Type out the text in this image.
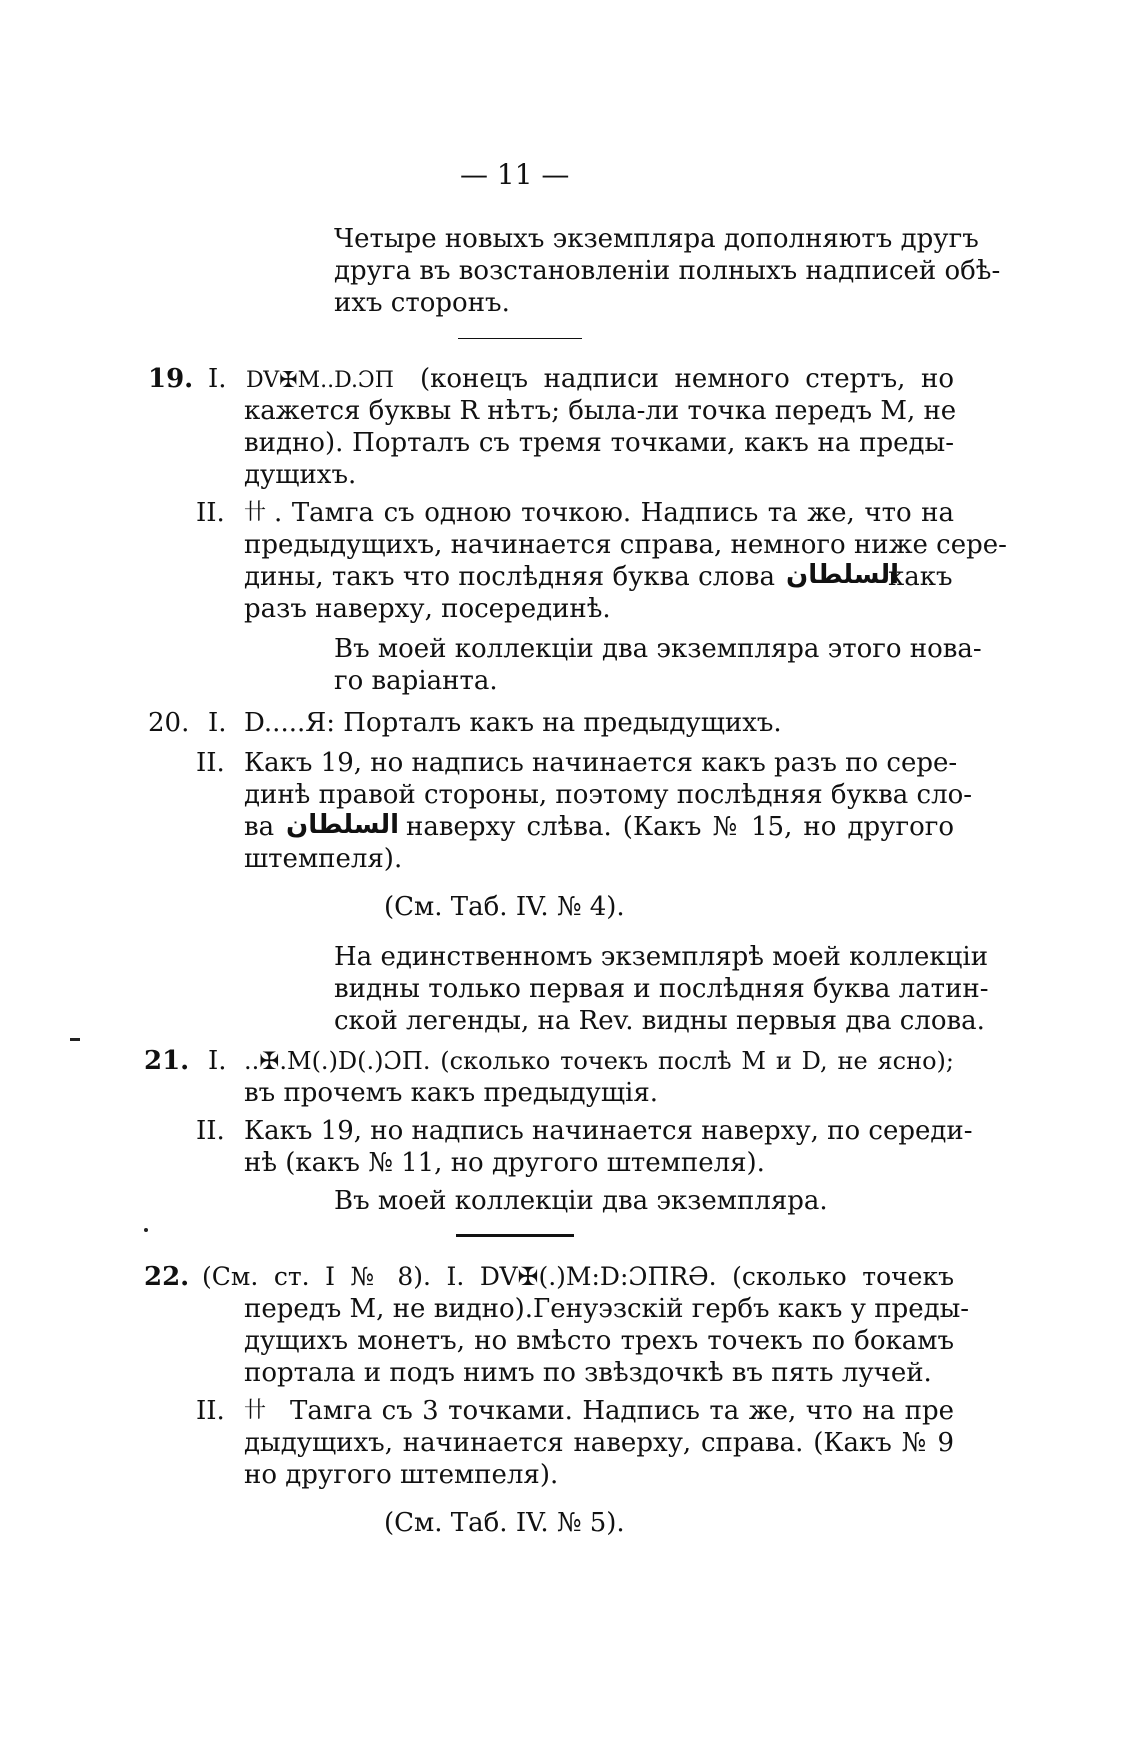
— 11 —
Четыре новыхъ экземпляра дополняютъ другъ
друга въ возстановленіи полныхъ надписей обѣ-
ихъ сторонъ.
19. I. DV✠M..D.ƆΠ (конецъ надписи немного стертъ, но
кажется буквы R нѣтъ; была-ли точка передъ M, не
видно). Порталъ съ тремя точками, какъ на преды-
дущихъ.
II. 卄 . Тамга съ одною точкою. Надпись та же, что на
предыдущихъ, начинается справа, немного ниже сере-
дины, такъ что послѣдняя буква слова السلطان
какъ
разъ наверху, посерединѣ.
Въ моей коллекціи два экземпляра этого нова-
го варіанта.
20. I. D.....Я: Порталъ какъ на предыдущихъ.
II. Какъ 19, но надпись начинается какъ разъ по сере-
динѣ правой стороны, поэтому послѣдняя буква сло-
ва السلطان наверху слѣва. (Какъ № 15, но другого
штемпеля).
(См. Таб. IV. № 4).
На единственномъ экземплярѣ моей коллекціи
видны только первая и послѣдняя буква латин-
ской легенды, на Rev. видны первыя два слова.
21. I. ..✠.M(.)D(.)ƆΠ. (сколько точекъ послѣ M и D, не ясно);
въ прочемъ какъ предыдущія.
II. Какъ 19, но надпись начинается наверху, по середи-
нѣ (какъ № 11, но другого штемпеля).
Въ моей коллекціи два экземпляра.
22. (См. ст. I № 8). I. DV✠(.)M:D:ƆΠRƏ. (сколько точекъ
передъ M, не видно).Генуэзскій гербъ какъ у преды-
дущихъ монетъ, но вмѣсто трехъ точекъ по бокамъ
портала и подъ нимъ по звѣздочкѣ въ пять лучей.
II. 卄 Тамга съ 3 точками. Надпись та же, что на пре
дыдущихъ, начинается наверху, справа. (Какъ № 9
но другого штемпеля).
(См. Таб. IV. № 5).
